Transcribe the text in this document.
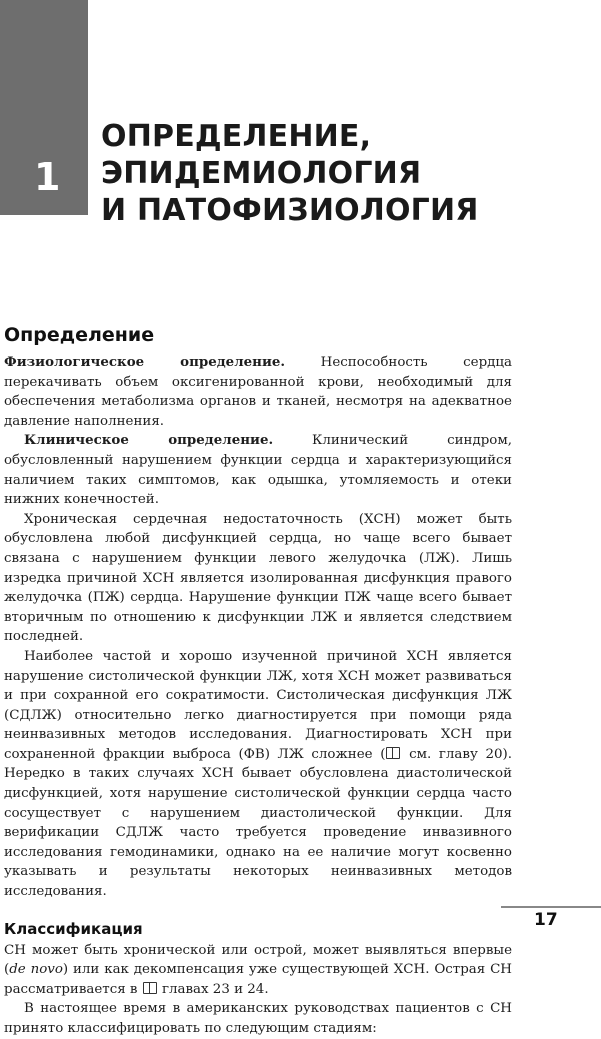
1
ОПРЕДЕЛЕНИЕ,
ЭПИДЕМИОЛОГИЯ
И ПАТОФИЗИОЛОГИЯ
Определение

Физиологическое определение. Неспособность сердца перекачивать объем оксигенированной крови, необходимый для обеспечения метаболизма органов и тканей, несмотря на адекватное давление наполнения.

Клиническое определение. Клинический синдром, обусловленный нарушением функции сердца и характеризующийся наличием таких симптомов, как одышка, утомляемость и отеки нижних конечностей.

Хроническая сердечная недостаточность (ХСН) может быть обусловлена любой дисфункцией сердца, но чаще всего бывает связана с нарушением функции левого желудочка (ЛЖ). Лишь изредка причиной ХСН является изолированная дисфункция правого желудочка (ПЖ) сердца. Нарушение функции ПЖ чаще всего бывает вторичным по отношению к дисфункции ЛЖ и является следствием последней.

Наиболее частой и хорошо изученной причиной ХСН является нарушение систолической функции ЛЖ, хотя ХСН может развиваться и при сохранной его сократимости. Систолическая дисфункция ЛЖ (СДЛЖ) относительно легко диагностируется при помощи ряда неинвазивных методов исследования. Диагностировать ХСН при сохраненной фракции выброса (ФВ) ЛЖ сложнее ( см. главу 20). Нередко в таких случаях ХСН бывает обусловлена диастолической дисфункцией, хотя нарушение систолической функции сердца часто сосуществует с нарушением диастолической функции. Для верификации СДЛЖ часто требуется проведение инвазивного исследования гемодинамики, однако на ее наличие могут косвенно указывать и результаты некоторых неинвазивных методов исследования.

Классификация

СН может быть хронической или острой, может выявляться впервые (de novo) или как декомпенсация уже существующей ХСН. Острая СН рассматривается в  главах 23 и 24.

В настоящее время в американских руководствах пациентов с СН принято классифицировать по следующим стадиям:

17
